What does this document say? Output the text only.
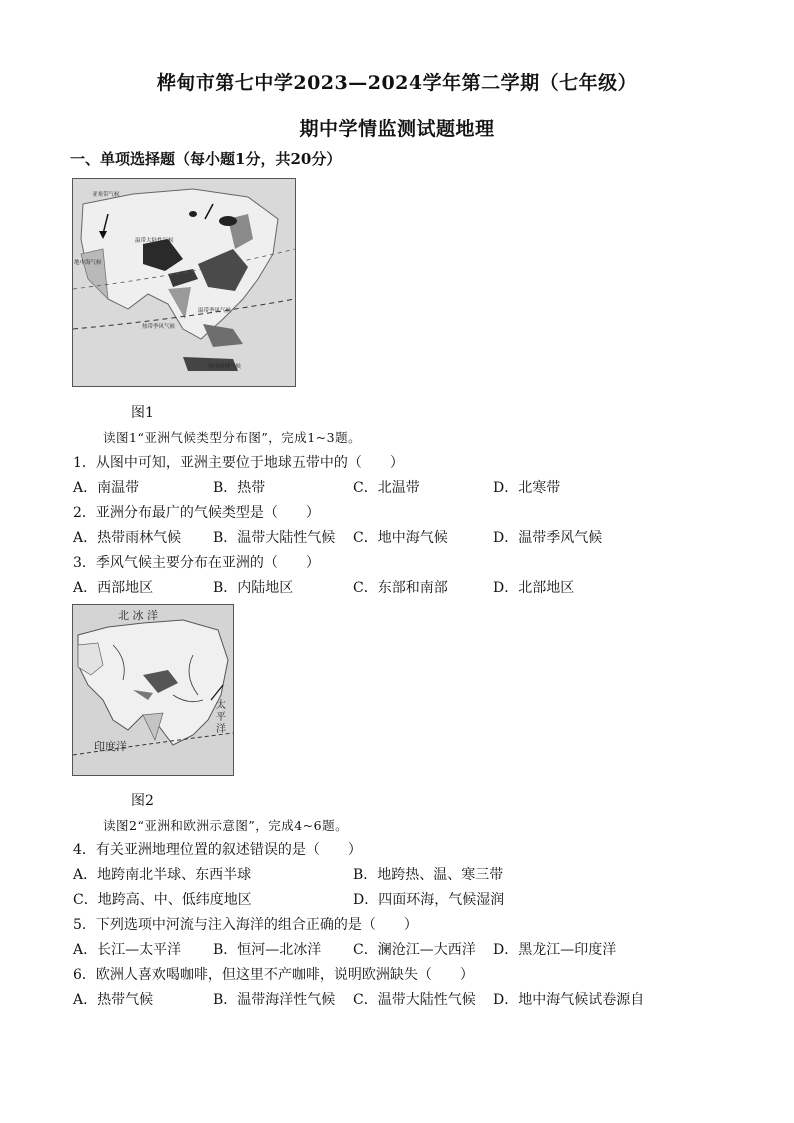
桦甸市第七中学2023—2024学年第二学期（七年级）
期中学情监测试题地理
一、单项选择题（每小题1分，共20分）
亚寒带气候
温带大陆性气候
地中海气候
热带季风气候
温带季风气候
热带雨林气候
图1
读图1“亚洲气候类型分布图”，完成1~3题。
1．从图中可知，亚洲主要位于地球五带中的（　　）
A．南温带	B．热带	C．北温带	D．北寒带
2．亚洲分布最广的气候类型是（　　）
A．热带雨林气候 B．温带大陆性气候 C．地中海气候	D．温带季风气候
3．季风气候主要分布在亚洲的（　　）
A．西部地区	B．内陆地区	C．东部和南部	D．北部地区
北 冰 洋
太 平 洋
印度洋
图2
读图2“亚洲和欧洲示意图”，完成4~6题。
4．有关亚洲地理位置的叙述错误的是（　　）
A．地跨南北半球、东西半球	B．地跨热、温、寒三带
C．地跨高、中、低纬度地区	D．四面环海，气候湿润
5．下列选项中河流与注入海洋的组合正确的是（　　）
A．长江—太平洋 B．恒河—北冰洋 C．澜沧江—大西洋 D．黑龙江—印度洋
6．欧洲人喜欢喝咖啡，但这里不产咖啡，说明欧洲缺失（　　）
A．热带气候	B．温带海洋性气候 C．温带大陆性气候 D．地中海气候试卷源自
